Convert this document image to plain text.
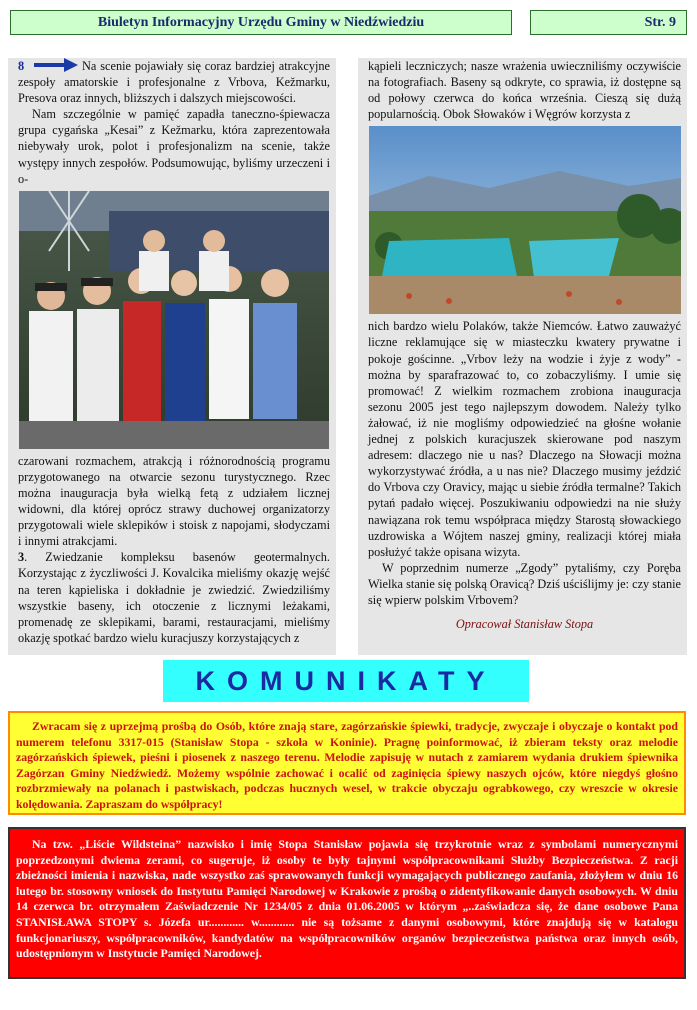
Biuletyn Informacyjny Urzędu Gminy w Niedźwiedziu	Str. 9

8	Na scenie pojawiały się coraz bardziej atrakcyjne zespoły amatorskie i profesjonalne z Vrbova, Kežmarku, Presova oraz innych, bliższych i dalszych miejscowości.

Nam szczególnie w pamięć zapadła taneczno-śpiewacza grupa cygańska „Kesai” z Kežmarku, która zaprezentowała niebywały urok, polot i profesjonalizm na scenie, także występy innych zespołów. Podsumowując, byliśmy urzeczeni i o-

czarowani rozmachem, atrakcją i różnorodnością programu przygotowanego na otwarcie sezonu turystycznego. Rzec można inauguracja była wielką fetą z udziałem licznej widowni, dla której oprócz strawy duchowej organizatorzy przygotowali wiele sklepików i stoisk z napojami, słodyczami i innymi atrakcjami.

3. Zwiedzanie kompleksu basenów geotermalnych. Korzystając z życzliwości J. Kovalcika mieliśmy okazję wejść na teren kąpieliska i dokładnie je zwiedzić. Zwiedziliśmy wszystkie baseny, ich otoczenie z licznymi leżakami, promenadę ze sklepikami, barami, restauracjami, mieliśmy okazję spotkać bardzo wielu kuracjuszy korzystających z

kąpieli leczniczych; nasze wrażenia uwieczniliśmy oczywiście na fotografiach. Baseny są odkryte, co sprawia, iż dostępne są od połowy czerwca do końca września. Cieszą się dużą popularnością. Obok Słowaków i Węgrów korzysta z

nich bardzo wielu Polaków, także Niemców. Łatwo zauważyć liczne reklamujące się w miasteczku kwatery prywatne i pokoje gościnne. „Vrbov leży na wodzie i żyje z wody” - można by sparafrazować to, co zobaczyliśmy. I umie się promować! Z wielkim rozmachem zrobiona inauguracja sezonu 2005 jest tego najlepszym dowodem. Należy tylko żałować, iż nie mogliśmy odpowiedzieć na głośne wołanie jednej z polskich kuracjuszek skierowane pod naszym adresem: dlaczego nie u nas? Dlaczego na Słowacji można wykorzystywać źródła, a u nas nie? Dlaczego musimy jeździć do Vrbova czy Oravicy, mając u siebie źródła termalne? Takich pytań padało więcej. Poszukiwaniu odpowiedzi na nie służy nawiązana rok temu współpraca między Starostą słowackiego uzdrowiska a Wójtem naszej gminy, realizacji której miała posłużyć także opisana wizyta.

W poprzednim numerze „Zgody” pytaliśmy, czy Poręba Wielka stanie się polską Oravicą? Dziś uściślijmy je: czy stanie się wpierw polskim Vrbovem?

Opracował Stanisław Stopa

KOMUNIKATY

Zwracam się z uprzejmą prośbą do Osób, które znają stare, zagórzańskie śpiewki, tradycje, zwyczaje i obyczaje o kontakt pod numerem telefonu 3317-015 (Stanisław Stopa - szkoła w Koninie). Pragnę poinformować, iż zbieram teksty oraz melodie zagórzańskich śpiewek, pieśni i piosenek z naszego terenu. Melodie zapisuję w nutach z zamiarem wydania drukiem śpiewnika Zagórzan Gminy Niedźwiedź. Możemy wspólnie zachować i ocalić od zaginięcia śpiewy naszych ojców, które niegdyś głośno rozbrzmiewały na polanach i pastwiskach, podczas hucznych wesel, w trakcie obyczaju ograbkowego, czy wreszcie w okresie kolędowania. Zapraszam do współpracy!

Na tzw. „Liście Wildsteina” nazwisko i imię Stopa Stanisław pojawia się trzykrotnie wraz z symbolami numerycznymi poprzedzonymi dwiema zerami, co sugeruje, iż osoby te były tajnymi współpracownikami Służby Bezpieczeństwa. Z racji zbieżności imienia i nazwiska, nade wszystko zaś sprawowanych funkcji wymagających publicznego zaufania, złożyłem w dniu 16 lutego br. stosowny wniosek do Instytutu Pamięci Narodowej w Krakowie z prośbą o zidentyfikowanie danych osobowych. W dniu 14 czerwca br. otrzymałem Zaświadczenie Nr 1234/05 z dnia 01.06.2005 w którym „..zaświadcza się, że dane osobowe Pana STANISŁAWA STOPY s. Józefa ur............ w............ nie są tożsame z danymi osobowymi, które znajdują się w katalogu funkcjonariuszy, współpracowników, kandydatów na współpracowników organów bezpieczeństwa państwa oraz innych osób, udostępnionym w Instytucie Pamięci Narodowej.
